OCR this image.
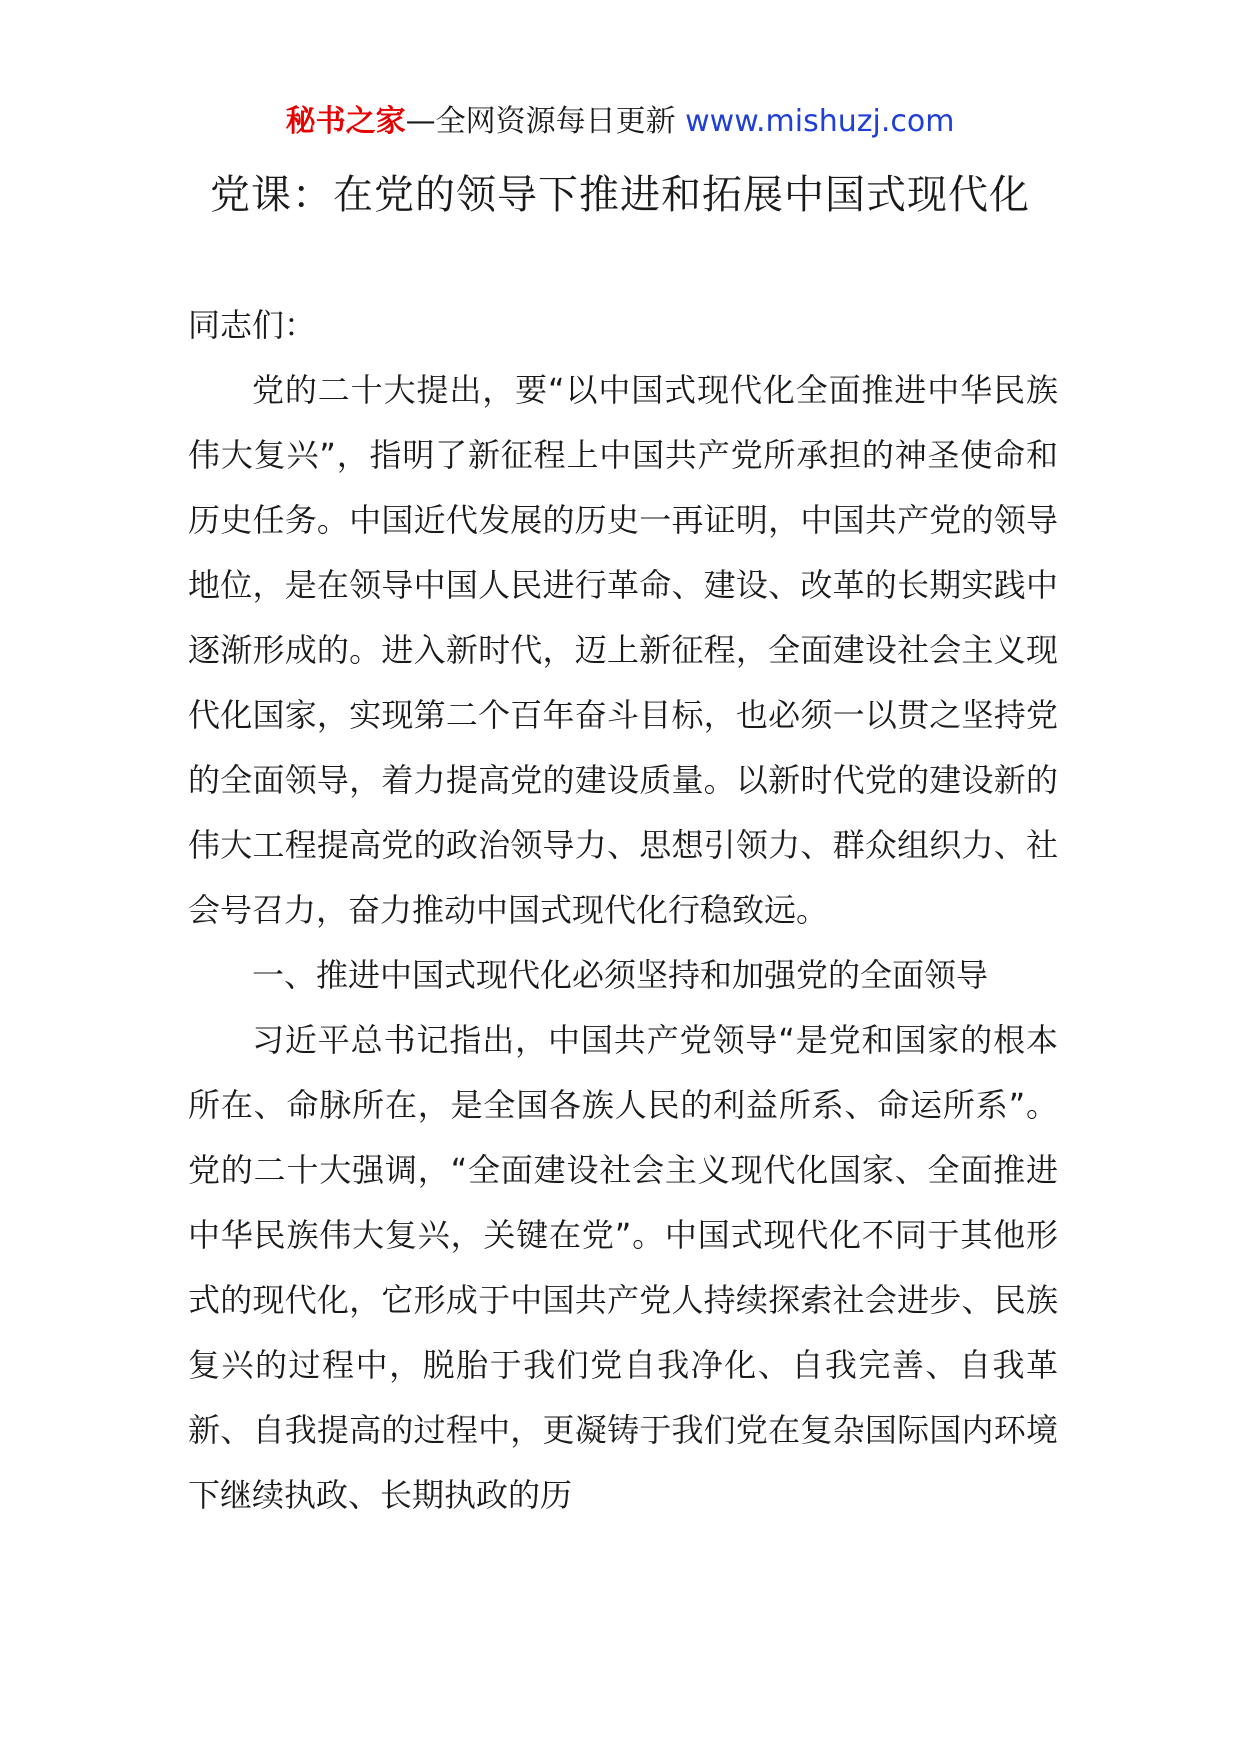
秘书之家—全网资源每日更新 www.mishuzj.com
党课：在党的领导下推进和拓展中国式现代化

同志们：

党的二十大提出，要“以中国式现代化全面推进中华民族伟大复兴”，指明了新征程上中国共产党所承担的神圣使命和历史任务。中国近代发展的历史一再证明，中国共产党的领导地位，是在领导中国人民进行革命、建设、改革的长期实践中逐渐形成的。进入新时代，迈上新征程，全面建设社会主义现代化国家，实现第二个百年奋斗目标，也必须一以贯之坚持党的全面领导，着力提高党的建设质量。以新时代党的建设新的伟大工程提高党的政治领导力、思想引领力、群众组织力、社会号召力，奋力推动中国式现代化行稳致远。

一、推进中国式现代化必须坚持和加强党的全面领导

习近平总书记指出，中国共产党领导“是党和国家的根本所在、命脉所在，是全国各族人民的利益所系、命运所系”。党的二十大强调，“全面建设社会主义现代化国家、全面推进中华民族伟大复兴，关键在党”。中国式现代化不同于其他形式的现代化，它形成于中国共产党人持续探索社会进步、民族复兴的过程中，脱胎于我们党自我净化、自我完善、自我革新、自我提高的过程中，更凝铸于我们党在复杂国际国内环境下继续执政、长期执政的历
